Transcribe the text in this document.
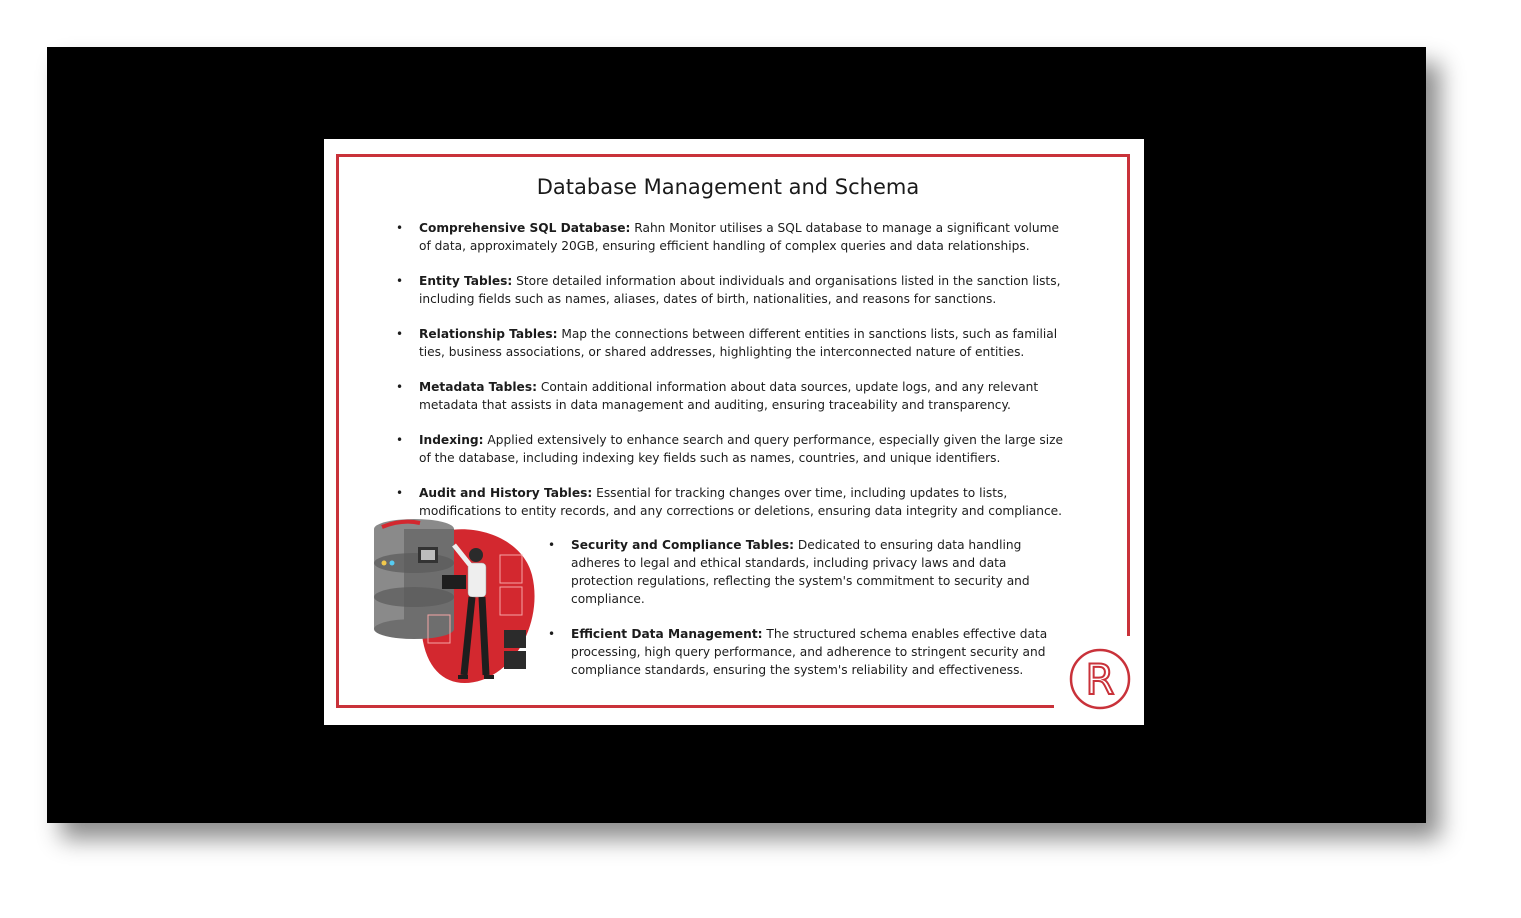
Database Management and Schema
• Comprehensive SQL Database: Rahn Monitor utilises a SQL database to manage a significant volume of data, approximately 20GB, ensuring efficient handling of complex queries and data relationships.
• Entity Tables: Store detailed information about individuals and organisations listed in the sanction lists, including fields such as names, aliases, dates of birth, nationalities, and reasons for sanctions.
• Relationship Tables: Map the connections between different entities in sanctions lists, such as familial ties, business associations, or shared addresses, highlighting the interconnected nature of entities.
• Metadata Tables: Contain additional information about data sources, update logs, and any relevant metadata that assists in data management and auditing, ensuring traceability and transparency.
• Indexing: Applied extensively to enhance search and query performance, especially given the large size of the database, including indexing key fields such as names, countries, and unique identifiers.
• Audit and History Tables: Essential for tracking changes over time, including updates to lists, modifications to entity records, and any corrections or deletions, ensuring data integrity and compliance.
• Security and Compliance Tables: Dedicated to ensuring data handling adheres to legal and ethical standards, including privacy laws and data protection regulations, reflecting the system's commitment to security and compliance.
• Efficient Data Management: The structured schema enables effective data processing, high query performance, and adherence to stringent security and compliance standards, ensuring the system's reliability and effectiveness.	R
